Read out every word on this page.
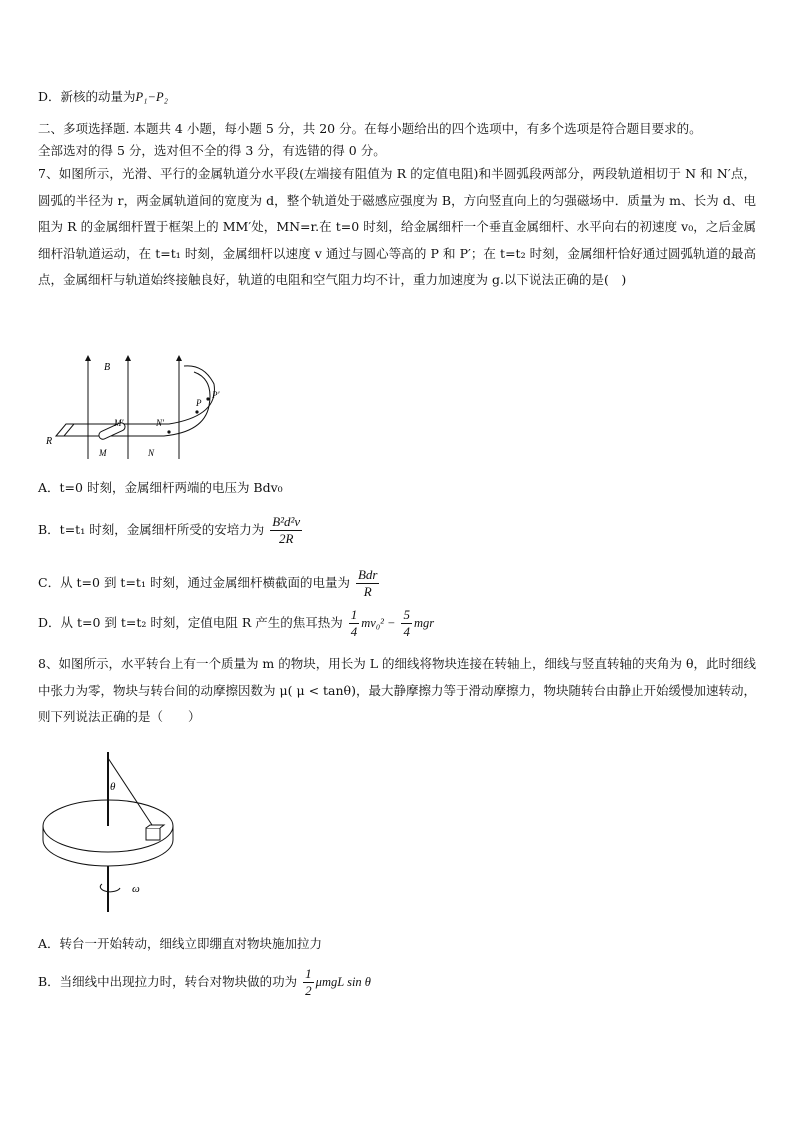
D．新核的动量为P₁−P₂
二、多项选择题. 本题共 4 小题，每小题 5 分，共 20 分。在每小题给出的四个选项中，有多个选项是符合题目要求的。
全部选对的得 5 分，选对但不全的得 3 分，有选错的得 0 分。
7、如图所示，光滑、平行的金属轨道分水平段(左端接有阻值为 R 的定值电阻)和半圆弧段两部分，两段轨道相切于 N 和 N′点，圆弧的半径为 r，两金属轨道间的宽度为 d，整个轨道处于磁感应强度为 B，方向竖直向上的匀强磁场中．质量为 m、长为 d、电阻为 R 的金属细杆置于框架上的 MM′处，MN=r.在 t=0 时刻，给金属细杆一个垂直金属细杆、水平向右的初速度 v₀，之后金属细杆沿轨道运动，在 t=t₁ 时刻，金属细杆以速度 v 通过与圆心等高的 P 和 P′；在 t=t₂ 时刻，金属细杆恰好通过圆弧轨道的最高点，金属细杆与轨道始终接触良好，轨道的电阻和空气阻力均不计，重力加速度为 g.以下说法正确的是(　)
B
R
M′
M	N
N′
P
P′
A．t=0 时刻，金属细杆两端的电压为 Bdv₀
B．t=t₁ 时刻，金属细杆所受的安培力为 $\frac{\text{B²d²v}}{2R}$
C．从 t=0 到 t=t₁ 时刻，通过金属细杆横截面的电量为 $\frac{\text{Bdr}}{R}$
D．从 t=0 到 t=t₂ 时刻，定值电阻 R 产生的焦耳热为 $\frac{1}{4} mv_0^2 - \frac{5}{4}$ mgr
8、如图所示，水平转台上有一个质量为 m 的物块，用长为 L 的细线将物块连接在转轴上，细线与竖直转轴的夹角为 θ，此时细线中张力为零，物块与转台间的动摩擦因数为 μ( μ < tanθ)，最大静摩擦力等于滑动摩擦力，物块随转台由静止开始缓慢加速转动，则下列说法正确的是（　　）
θ
ω
A．转台一开始转动，细线立即绷直对物块施加拉力
B．当细线中出现拉力时，转台对物块做的功为 $\frac{1}{2}$ μmgL sin θ
